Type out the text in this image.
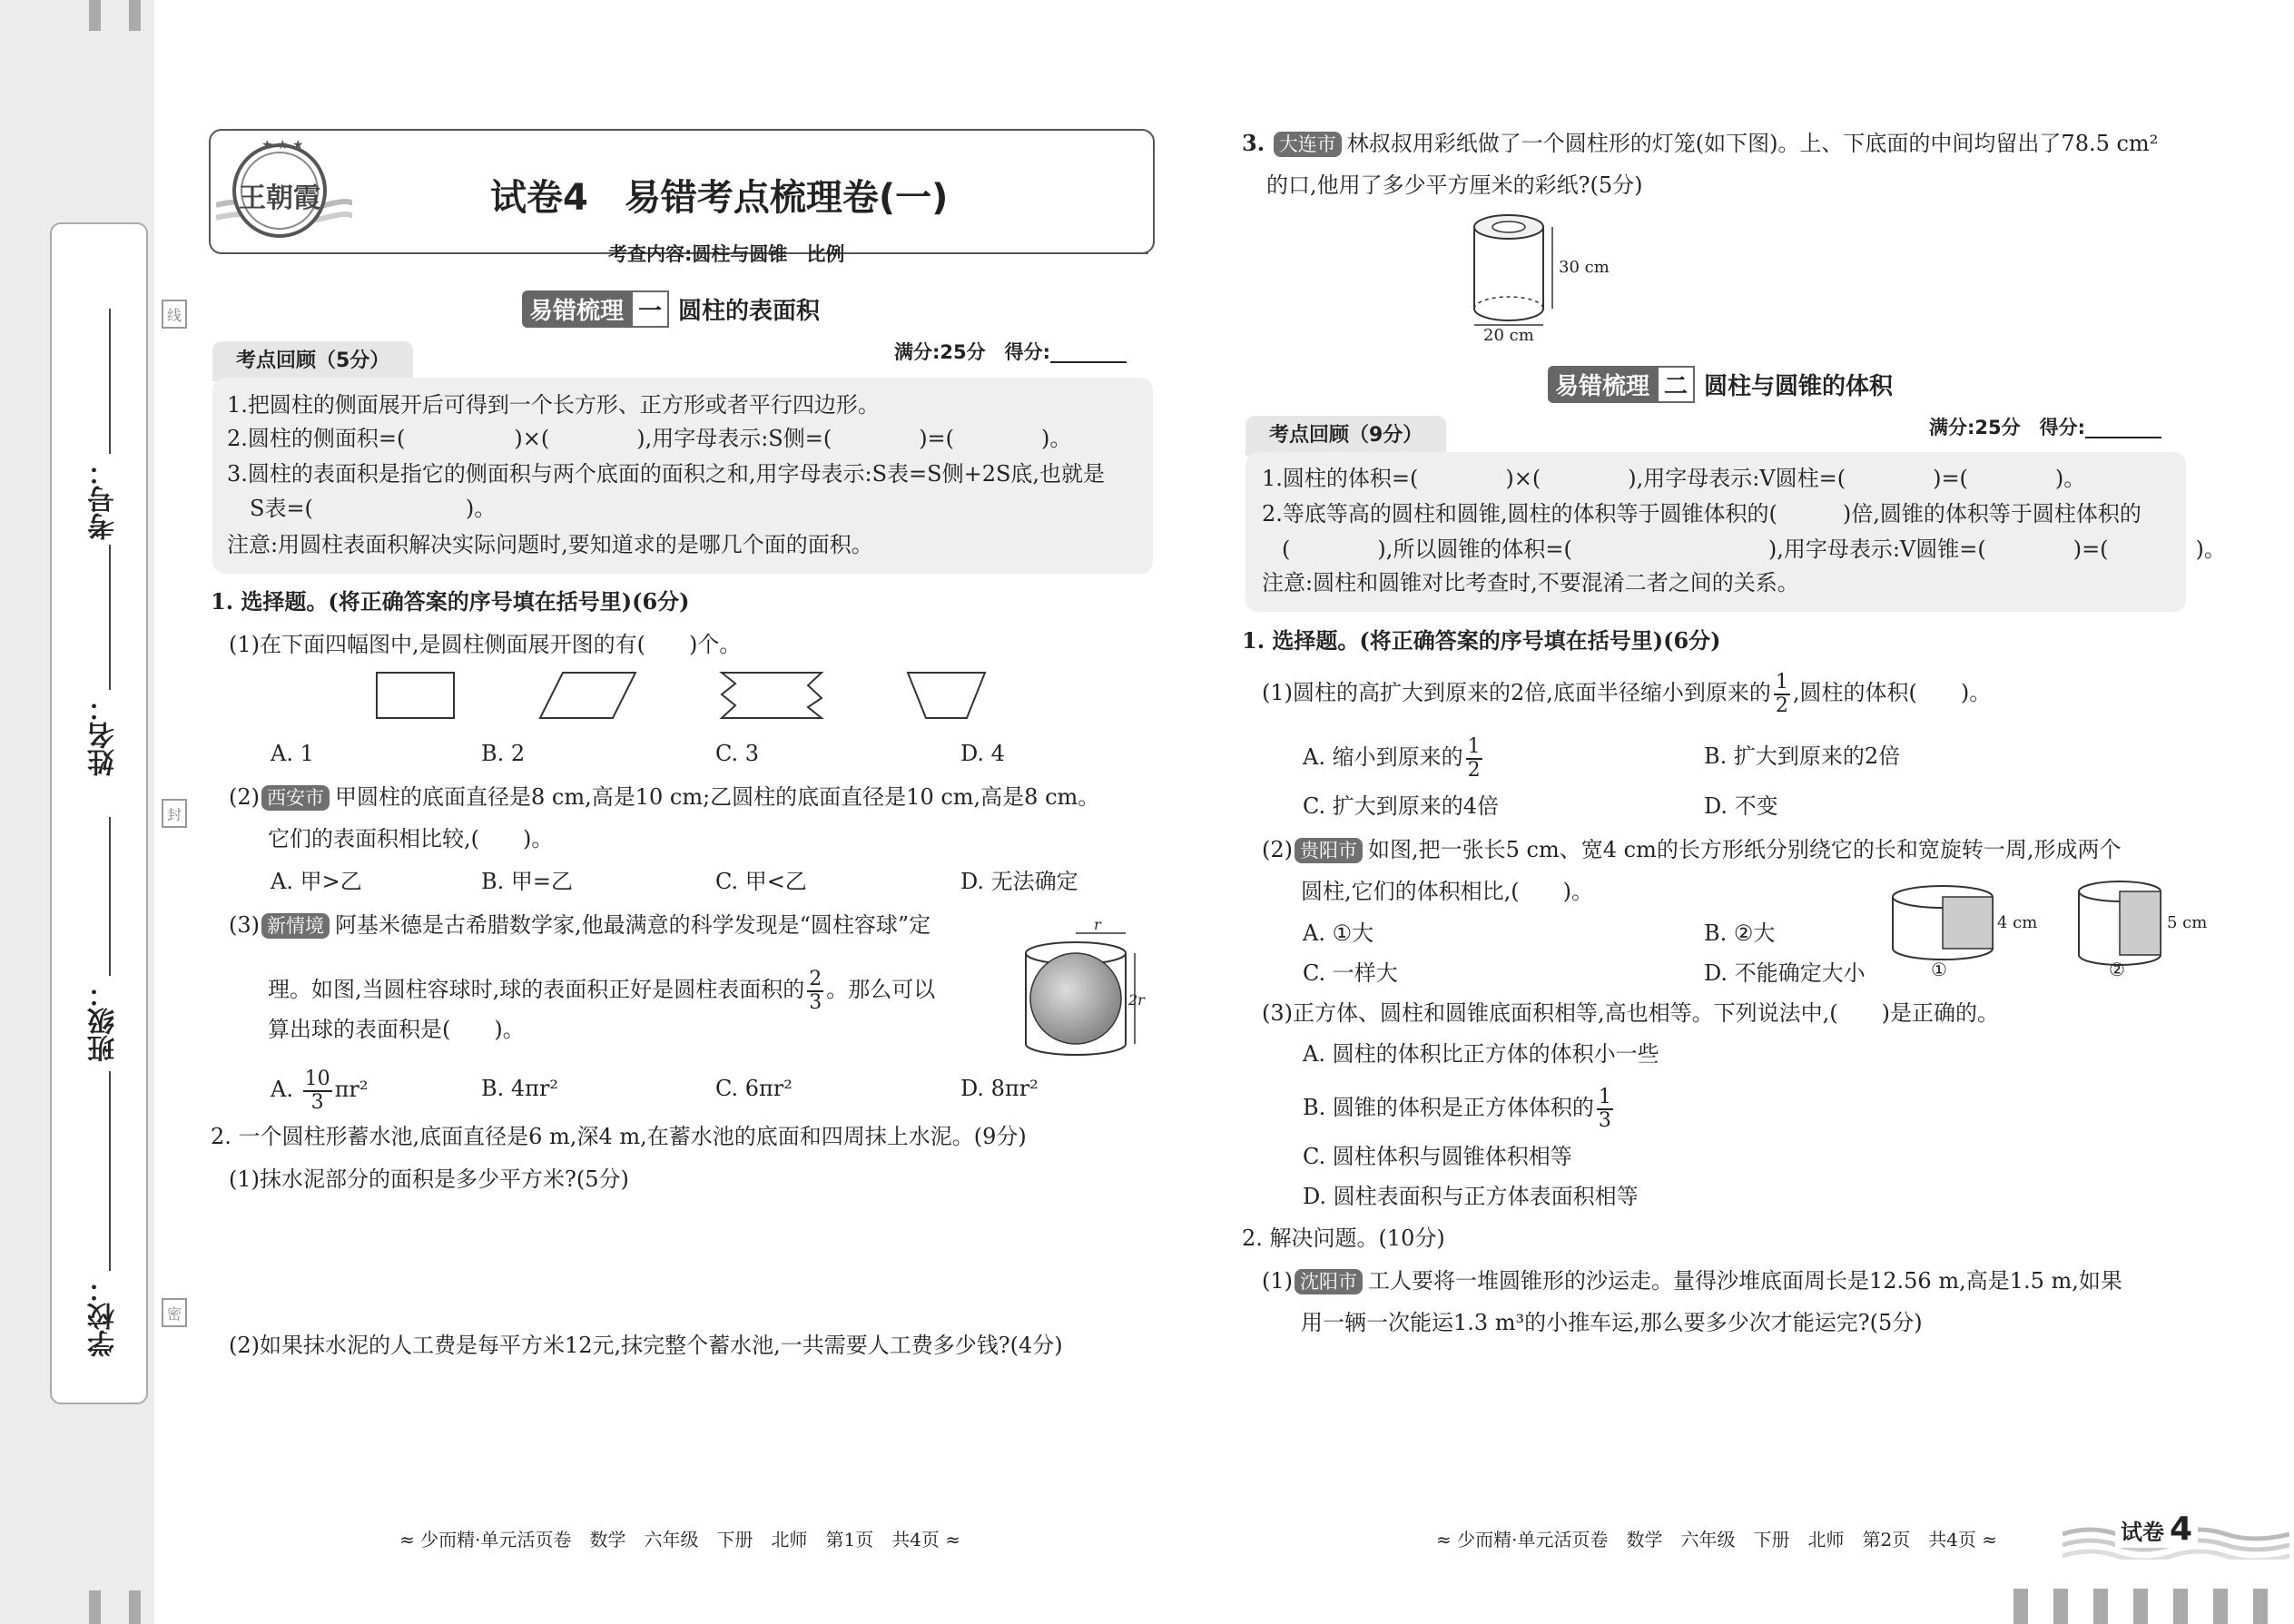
考号：
姓名：
班级：
学校：
线
封
密
★ ★ ★
王朝霞	试卷4　易错考点梳理卷(一)
考查内容:圆柱与圆锥　比例
易错梳理 一 圆柱的表面积
考点回顾（5分）	满分:25分　得分:________
1.把圆柱的侧面展开后可得到一个长方形、正方形或者平行四边形。
2.圆柱的侧面积=(　　　　　)×(　　　　),用字母表示:S侧=(　　　　)=(　　　　)。
3.圆柱的表面积是指它的侧面积与两个底面的面积之和,用字母表示:S表=S侧+2S底,也就是
S表=(　　　　　　　)。
注意:用圆柱表面积解决实际问题时,要知道求的是哪几个面的面积。
1. 选择题。(将正确答案的序号填在括号里)(6分)
(1)在下面四幅图中,是圆柱侧面展开图的有(　　)个。
A. 1	B. 2	C. 3	D. 4
(2) 西安市 甲圆柱的底面直径是8 cm,高是10 cm;乙圆柱的底面直径是10 cm,高是8 cm。
它们的表面积相比较,(　　)。
A. 甲>乙	B. 甲=乙	C. 甲<乙	D. 无法确定
(3) 新情境 阿基米德是古希腊数学家,他最满意的科学发现是“圆柱容球”定
理。如图,当圆柱容球时,球的表面积正好是圆柱表面积的 $\frac{2}{3}$ 。那么可以
算出球的表面积是(　　)。
r
2r
A. $\frac{10}{3} \pi r^2$	B. 4πr²	C. 6πr²	D. 8πr²
2. 一个圆柱形蓄水池,底面直径是6 m,深4 m,在蓄水池的底面和四周抹上水泥。(9分)
(1)抹水泥部分的面积是多少平方米?(5分)
(2)如果抹水泥的人工费是每平方米12元,抹完整个蓄水池,一共需要人工费多少钱?(4分)
≈ 少而精·单元活页卷　数学　六年级　下册　北师　第1页　共4页 ≈
3. 大连市 林叔叔用彩纸做了一个圆柱形的灯笼(如下图)。上、下底面的中间均留出了78.5 cm²
的口,他用了多少平方厘米的彩纸?(5分)
30 cm
20 cm
易错梳理 二 圆柱与圆锥的体积
考点回顾（9分）	满分:25分　得分:________
1.圆柱的体积=(　　　　)×(　　　　),用字母表示:V圆柱=(　　　　)=(　　　　)。
2.等底等高的圆柱和圆锥,圆柱的体积等于圆锥体积的(　　　)倍,圆锥的体积等于圆柱体积的
(　　　　),所以圆锥的体积=(　　　　　　　　　),用字母表示:V圆锥=(　　　　)=(　　　　)。
注意:圆柱和圆锥对比考查时,不要混淆二者之间的关系。
1. 选择题。(将正确答案的序号填在括号里)(6分)
(1)圆柱的高扩大到原来的2倍,底面半径缩小到原来的 $\frac{1}{2}$ ,圆柱的体积(　　)。
A. 缩小到原来的 $\frac{1}{2}$	B. 扩大到原来的2倍
C. 扩大到原来的4倍	D. 不变
(2) 贵阳市 如图,把一张长5 cm、宽4 cm的长方形纸分别绕它的长和宽旋转一周,形成两个
圆柱,它们的体积相比,(　　)。
A. ①大	B. ②大
C. 一样大	D. 不能确定大小
4 cm
①
5 cm
②
(3)正方体、圆柱和圆锥底面积相等,高也相等。下列说法中,(　　)是正确的。
A. 圆柱的体积比正方体的体积小一些
B. 圆锥的体积是正方体体积的 $\frac{1}{3}$
C. 圆柱体积与圆锥体积相等
D. 圆柱表面积与正方体表面积相等
2. 解决问题。(10分)
(1) 沈阳市 工人要将一堆圆锥形的沙运走。量得沙堆底面周长是12.56 m,高是1.5 m,如果
用一辆一次能运1.3 m³的小推车运,那么要多少次才能运完?(5分)
≈ 少而精·单元活页卷　数学　六年级　下册　北师　第2页　共4页 ≈	试卷 4
